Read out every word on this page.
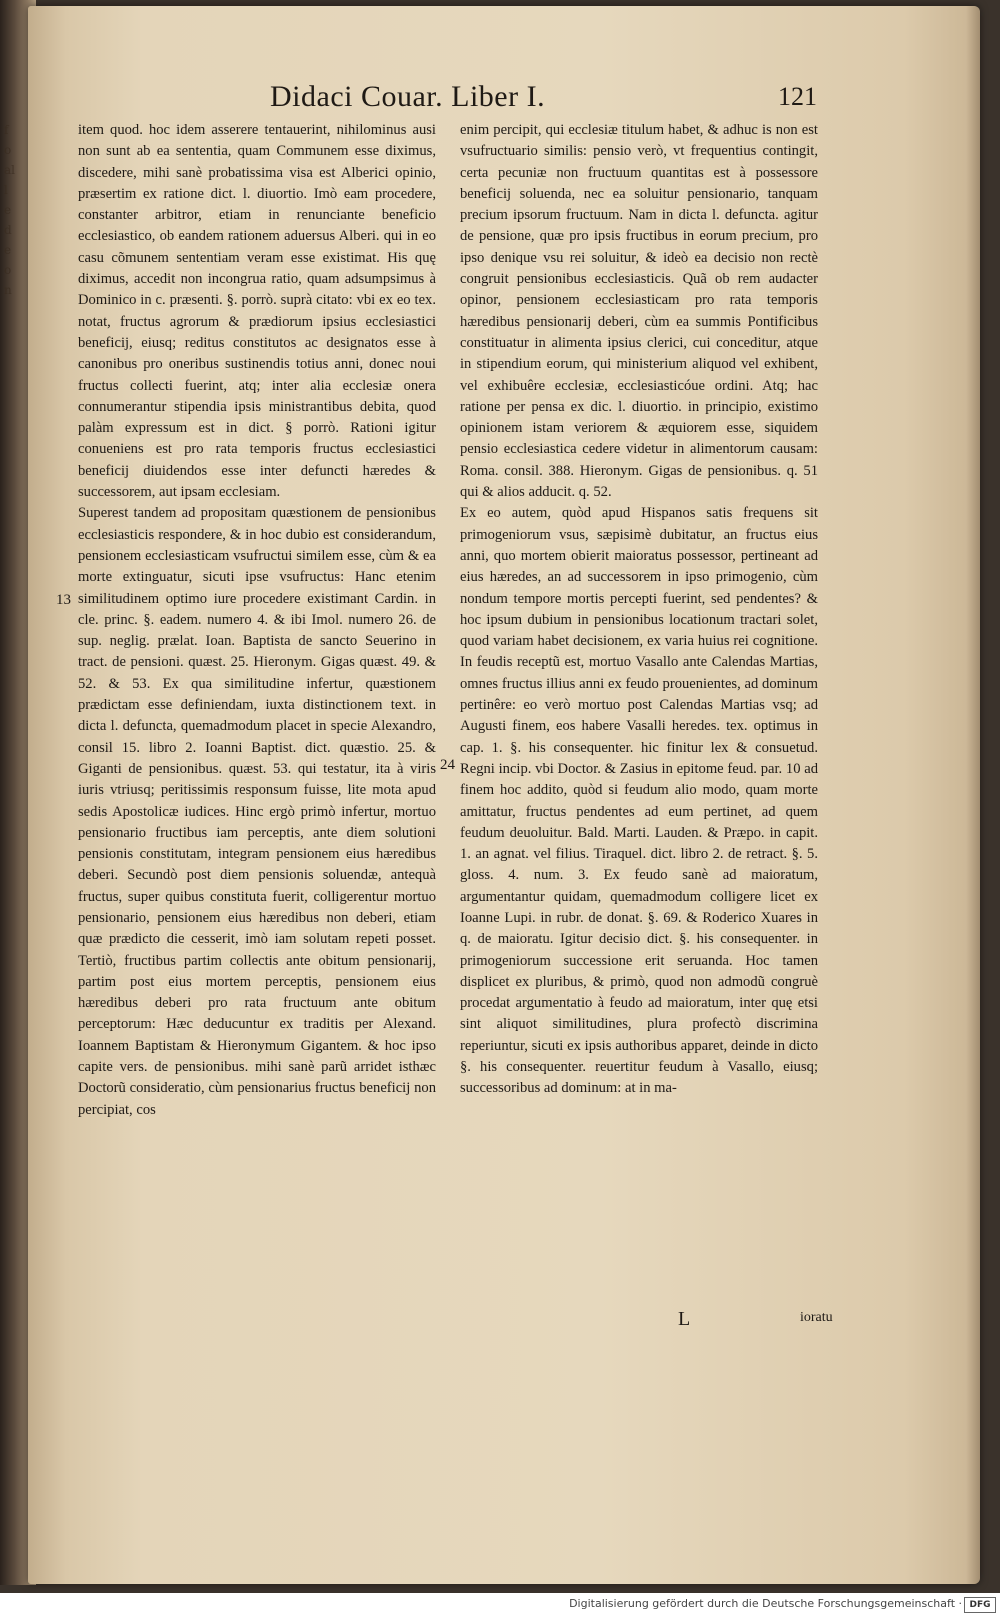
f
o
al
l
e
d
e
o
n
Didaci Couar. Liber I.	121

item quod. hoc idem asserere tentauerint, nihilominus ausi non sunt ab ea sententia, quam Communem esse diximus, discedere, mihi sanè probatissima visa est Alberici opinio, præsertim ex ratione dict. l. diuortio. Imò eam procedere, constanter arbitror, etiam in renunciante beneficio ecclesiastico, ob eandem rationem aduersus Alberi. qui in eo casu cõmunem sententiam veram esse existimat. His quę diximus, accedit non incongrua ratio, quam adsumpsimus à Dominico in c. præsenti. §. porrò. suprà citato: vbi ex eo tex. notat, fructus agrorum & prædiorum ipsius ecclesiastici beneficij, eiusq; reditus constitutos ac designatos esse à canonibus pro oneribus sustinendis totius anni, donec noui fructus collecti fuerint, atq; inter alia ecclesiæ onera connumerantur stipendia ipsis ministrantibus debita, quod palàm expressum est in dict. § porrò. Rationi igitur conueniens est pro rata temporis fructus ecclesiastici beneficij diuidendos esse inter defuncti hæredes & successorem, aut ipsam ecclesiam.

Superest tandem ad propositam quæstionem de pensionibus ecclesiasticis respondere, & in hoc dubio est considerandum, pensionem ecclesiasticam vsufructui similem esse, cùm & ea morte extinguatur, sicuti ipse vsufructus: Hanc etenim similitudinem optimo iure procedere existimant Cardin. in cle. princ. §. eadem. numero 4. & ibi Imol. numero 26. de sup. neglig. prælat. Ioan. Baptista de sancto Seuerino in tract. de pensioni. quæst. 25. Hieronym. Gigas quæst. 49. & 52. & 53. Ex qua similitudine infertur, quæstionem prædictam esse definiendam, iuxta distinctionem text. in dicta l. defuncta, quemadmodum placet in specie Alexandro, consil 15. libro 2. Ioanni Baptist. dict. quæstio. 25. & Giganti de pensionibus. quæst. 53. qui testatur, ita à viris iuris vtriusq; peritissimis responsum fuisse, lite mota apud sedis Apostolicæ iudices. Hinc ergò primò infertur, mortuo pensionario fructibus iam perceptis, ante diem solutioni pensionis constitutam, integram pensionem eius hæredibus deberi. Secundò post diem pensionis soluendæ, antequà fructus, super quibus constituta fuerit, colligerentur mortuo pensionario, pensionem eius hæredibus non deberi, etiam quæ prædicto die cesserit, imò iam solutam repeti posset. Tertiò, fructibus partim collectis ante obitum pensionarij, partim post eius mortem perceptis, pensionem eius hæredibus deberi pro rata fructuum ante obitum perceptorum: Hæc deducuntur ex traditis per Alexand. Ioannem Baptistam & Hieronymum Gigantem. & hoc ipso capite vers. de pensionibus. mihi sanè parũ arridet isthæc Doctorũ consideratio, cùm pensionarius fructus beneficij non percipiat, cos

enim percipit, qui ecclesiæ titulum habet, & adhuc is non est vsufructuario similis: pensio verò, vt frequentius contingit, certa pecuniæ non fructuum quantitas est à possessore beneficij soluenda, nec ea soluitur pensionario, tanquam precium ipsorum fructuum. Nam in dicta l. defuncta. agitur de pensione, quæ pro ipsis fructibus in eorum precium, pro ipso denique vsu rei soluitur, & ideò ea decisio non rectè congruit pensionibus ecclesiasticis. Quã ob rem audacter opinor, pensionem ecclesiasticam pro rata temporis hæredibus pensionarij deberi, cùm ea summis Pontificibus constituatur in alimenta ipsius clerici, cui conceditur, atque in stipendium eorum, qui ministerium aliquod vel exhibent, vel exhibuêre ecclesiæ, ecclesiasticóue ordini. Atq; hac ratione per pensa ex dic. l. diuortio. in principio, existimo opinionem istam veriorem & æquiorem esse, siquidem pensio ecclesiastica cedere videtur in alimentorum causam: Roma. consil. 388. Hieronym. Gigas de pensionibus. q. 51 qui & alios adducit. q. 52.

Ex eo autem, quòd apud Hispanos satis frequens sit primogeniorum vsus, sæpisimè dubitatur, an fructus eius anni, quo mortem obierit maioratus possessor, pertineant ad eius hæredes, an ad successorem in ipso primogenio, cùm nondum tempore mortis percepti fuerint, sed pendentes? & hoc ipsum dubium in pensionibus locationum tractari solet, quod variam habet decisionem, ex varia huius rei cognitione. In feudis receptũ est, mortuo Vasallo ante Calendas Martias, omnes fructus illius anni ex feudo prouenientes, ad dominum pertinêre: eo verò mortuo post Calendas Martias vsq; ad Augusti finem, eos habere Vasalli heredes. tex. optimus in cap. 1. §. his consequenter. hic finitur lex & consuetud. Regni incip. vbi Doctor. & Zasius in epitome feud. par. 10 ad finem hoc addito, quòd si feudum alio modo, quam morte amittatur, fructus pendentes ad eum pertinet, ad quem feudum deuoluitur. Bald. Marti. Lauden. & Præpo. in capit. 1. an agnat. vel filius. Tiraquel. dict. libro 2. de retract. §. 5. gloss. 4. num. 3. Ex feudo sanè ad maioratum, argumentantur quidam, quemadmodum colligere licet ex Ioanne Lupi. in rubr. de donat. §. 69. & Roderico Xuares in q. de maioratu. Igitur decisio dict. §. his consequenter. in primogeniorum successione erit seruanda. Hoc tamen displicet ex pluribus, & primò, quod non admodũ congruè procedat argumentatio à feudo ad maioratum, inter quę etsi sint aliquot similitudines, plura profectò discrimina reperiuntur, sicuti ex ipsis authoribus apparet, deinde in dicto §. his consequenter. reuertitur feudum à Vasallo, eiusq; successoribus ad dominum: at in ma-

13
24
L	ioratu
Digitalisierung gefördert durch die Deutsche Forschungsgemeinschaft · DFG
